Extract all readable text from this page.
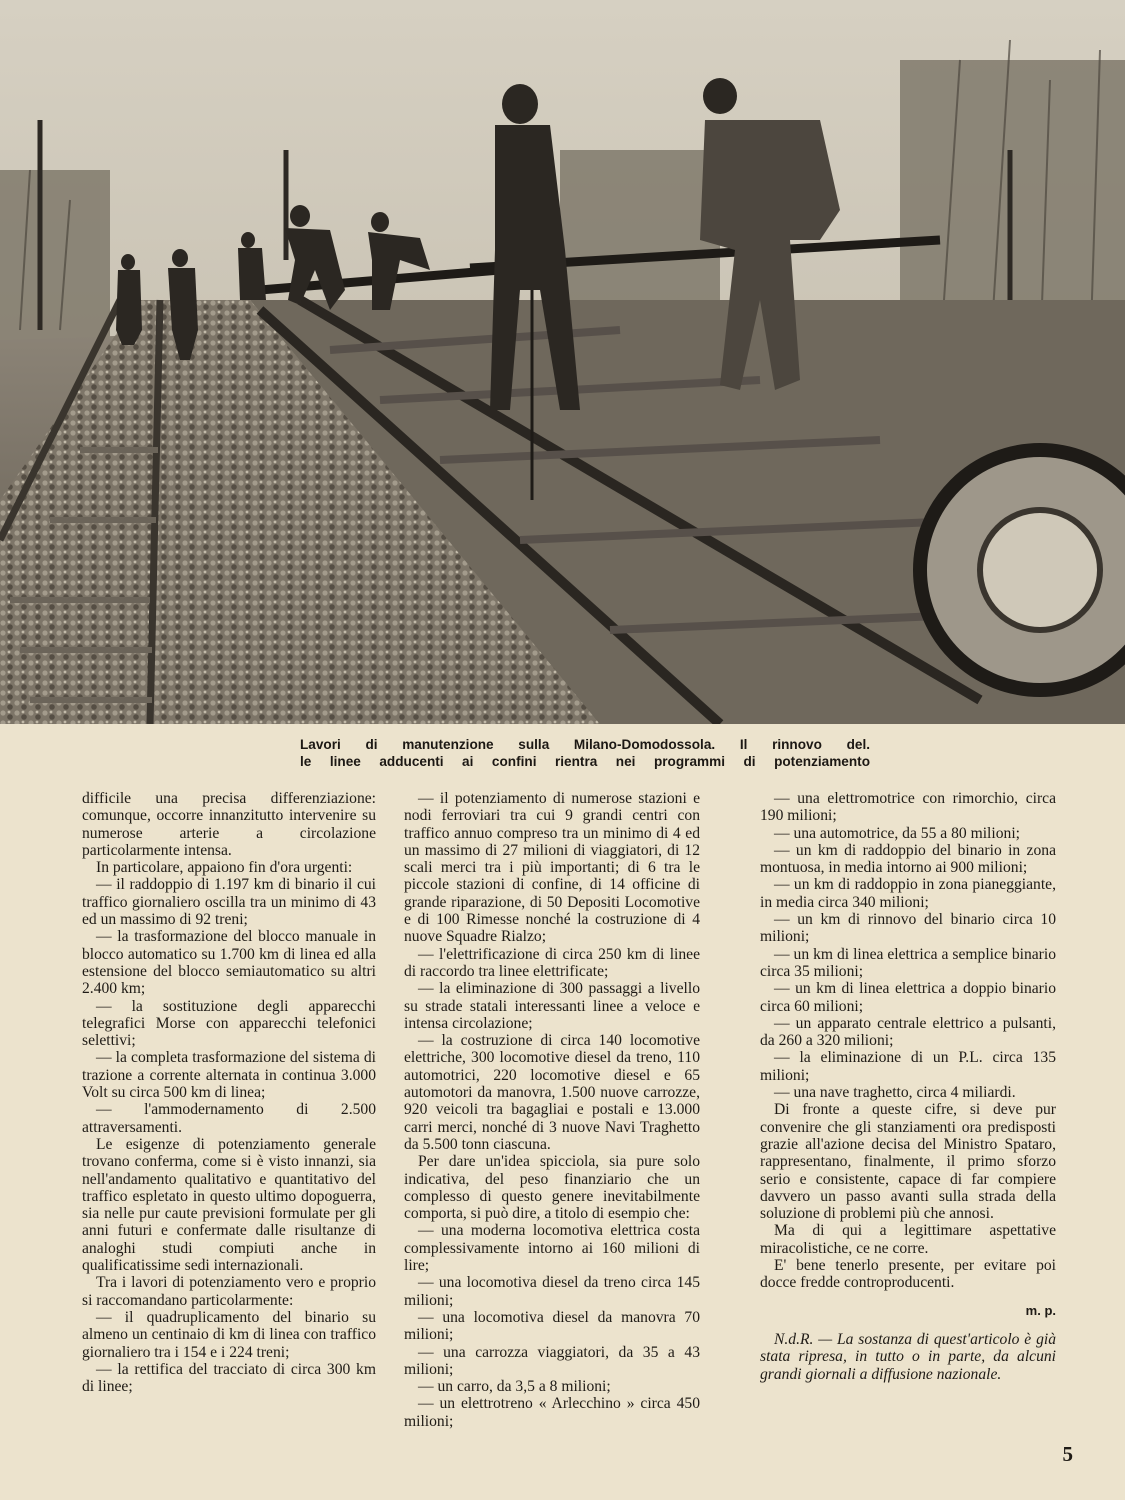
Lavori di manutenzione sulla Milano-Domodossola. Il rinnovo del.
le linee adducenti ai confini rientra nei programmi di potenziamento

difficile una precisa differenziazione: comunque, occorre innanzitutto intervenire su numerose arterie a circolazione particolarmente intensa.

In particolare, appaiono fin d'ora urgenti:

— il raddoppio di 1.197 km di binario il cui traffico giornaliero oscilla tra un minimo di 43 ed un massimo di 92 treni;

— la trasformazione del blocco manuale in blocco automatico su 1.700 km di linea ed alla estensione del blocco semiautomatico su altri 2.400 km;

— la sostituzione degli apparecchi telegrafici Morse con apparecchi telefonici selettivi;

— la completa trasformazione del sistema di trazione a corrente alternata in continua 3.000 Volt su circa 500 km di linea;

— l'ammodernamento di 2.500 attraversamenti.

Le esigenze di potenziamento generale trovano conferma, come si è visto innanzi, sia nell'andamento qualitativo e quantitativo del traffico espletato in questo ultimo dopoguerra, sia nelle pur caute previsioni formulate per gli anni futuri e confermate dalle risultanze di analoghi studi compiuti anche in qualificatissime sedi internazionali.

Tra i lavori di potenziamento vero e proprio si raccomandano particolarmente:

— il quadruplicamento del binario su almeno un centinaio di km di linea con traffico giornaliero tra i 154 e i 224 treni;

— la rettifica del tracciato di circa 300 km di linee;

— il potenziamento di numerose stazioni e nodi ferroviari tra cui 9 grandi centri con traffico annuo compreso tra un minimo di 4 ed un massimo di 27 milioni di viaggiatori, di 12 scali merci tra i più importanti; di 6 tra le piccole stazioni di confine, di 14 officine di grande riparazione, di 50 Depositi Locomotive e di 100 Rimesse nonché la costruzione di 4 nuove Squadre Rialzo;

— l'elettrificazione di circa 250 km di linee di raccordo tra linee elettrificate;

— la eliminazione di 300 passaggi a livello su strade statali interessanti linee a veloce e intensa circolazione;

— la costruzione di circa 140 locomotive elettriche, 300 locomotive diesel da treno, 110 automotrici, 220 locomotive diesel e 65 automotori da manovra, 1.500 nuove carrozze, 920 veicoli tra bagagliai e postali e 13.000 carri merci, nonché di 3 nuove Navi Traghetto da 5.500 tonn ciascuna.

Per dare un'idea spicciola, sia pure solo indicativa, del peso finanziario che un complesso di questo genere inevitabilmente comporta, si può dire, a titolo di esempio che:

— una moderna locomotiva elettrica costa complessivamente intorno ai 160 milioni di lire;

— una locomotiva diesel da treno circa 145 milioni;

— una locomotiva diesel da manovra 70 milioni;

— una carrozza viaggiatori, da 35 a 43 milioni;

— un carro, da 3,5 a 8 milioni;

— un elettrotreno « Arlecchino » circa 450 milioni;

— una elettromotrice con rimorchio, circa 190 milioni;

— una automotrice, da 55 a 80 milioni;

— un km di raddoppio del binario in zona montuosa, in media intorno ai 900 milioni;

— un km di raddoppio in zona pianeggiante, in media circa 340 milioni;

— un km di rinnovo del binario circa 10 milioni;

— un km di linea elettrica a semplice binario circa 35 milioni;

— un km di linea elettrica a doppio binario circa 60 milioni;

— un apparato centrale elettrico a pulsanti, da 260 a 320 milioni;

— la eliminazione di un P.L. circa 135 milioni;

— una nave traghetto, circa 4 miliardi.

Di fronte a queste cifre, si deve pur convenire che gli stanziamenti ora predisposti grazie all'azione decisa del Ministro Spataro, rappresentano, finalmente, il primo sforzo serio e consistente, capace di far compiere davvero un passo avanti sulla strada della soluzione di problemi più che annosi.

Ma di qui a legittimare aspettative miracolistiche, ce ne corre.

E' bene tenerlo presente, per evitare poi docce fredde controproducenti.

m. p.

N.d.R. — La sostanza di quest'articolo è già stata ripresa, in tutto o in parte, da alcuni grandi giornali a diffusione nazionale.

5
